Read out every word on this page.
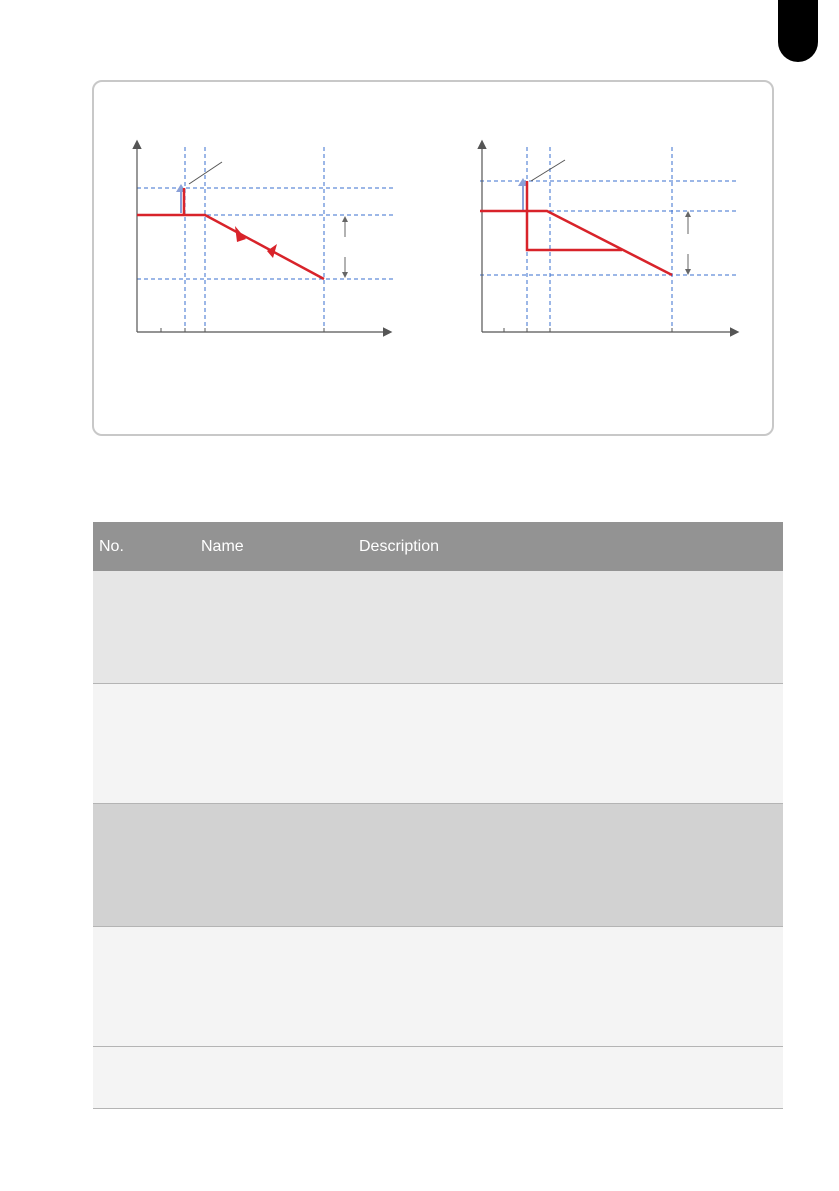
No.	Name	Description
